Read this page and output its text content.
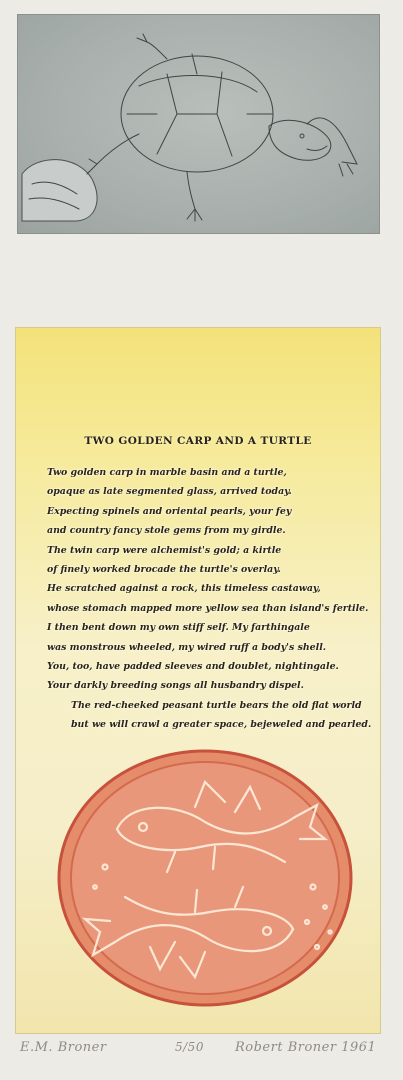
TWO GOLDEN CARP AND A TURTLE
Two golden carp in marble basin and a turtle,
opaque as late segmented glass, arrived today.
Expecting spinels and oriental pearls, your fey
and country fancy stole gems from my girdle.
The twin carp were alchemist's gold; a kirtle
of finely worked brocade the turtle's overlay.
He scratched against a rock, this timeless castaway,
whose stomach mapped more yellow sea than island's fertile.
I then bent down my own stiff self. My farthingale
was monstrous wheeled, my wired ruff a body's shell.
You, too, have padded sleeves and doublet, nightingale.
Your darkly breeding songs all husbandry dispel.
The red-cheeked peasant turtle bears the old flat world
but we will crawl a greater space, bejeweled and pearled.
E.M. Broner	5/50 Robert Broner 1961
